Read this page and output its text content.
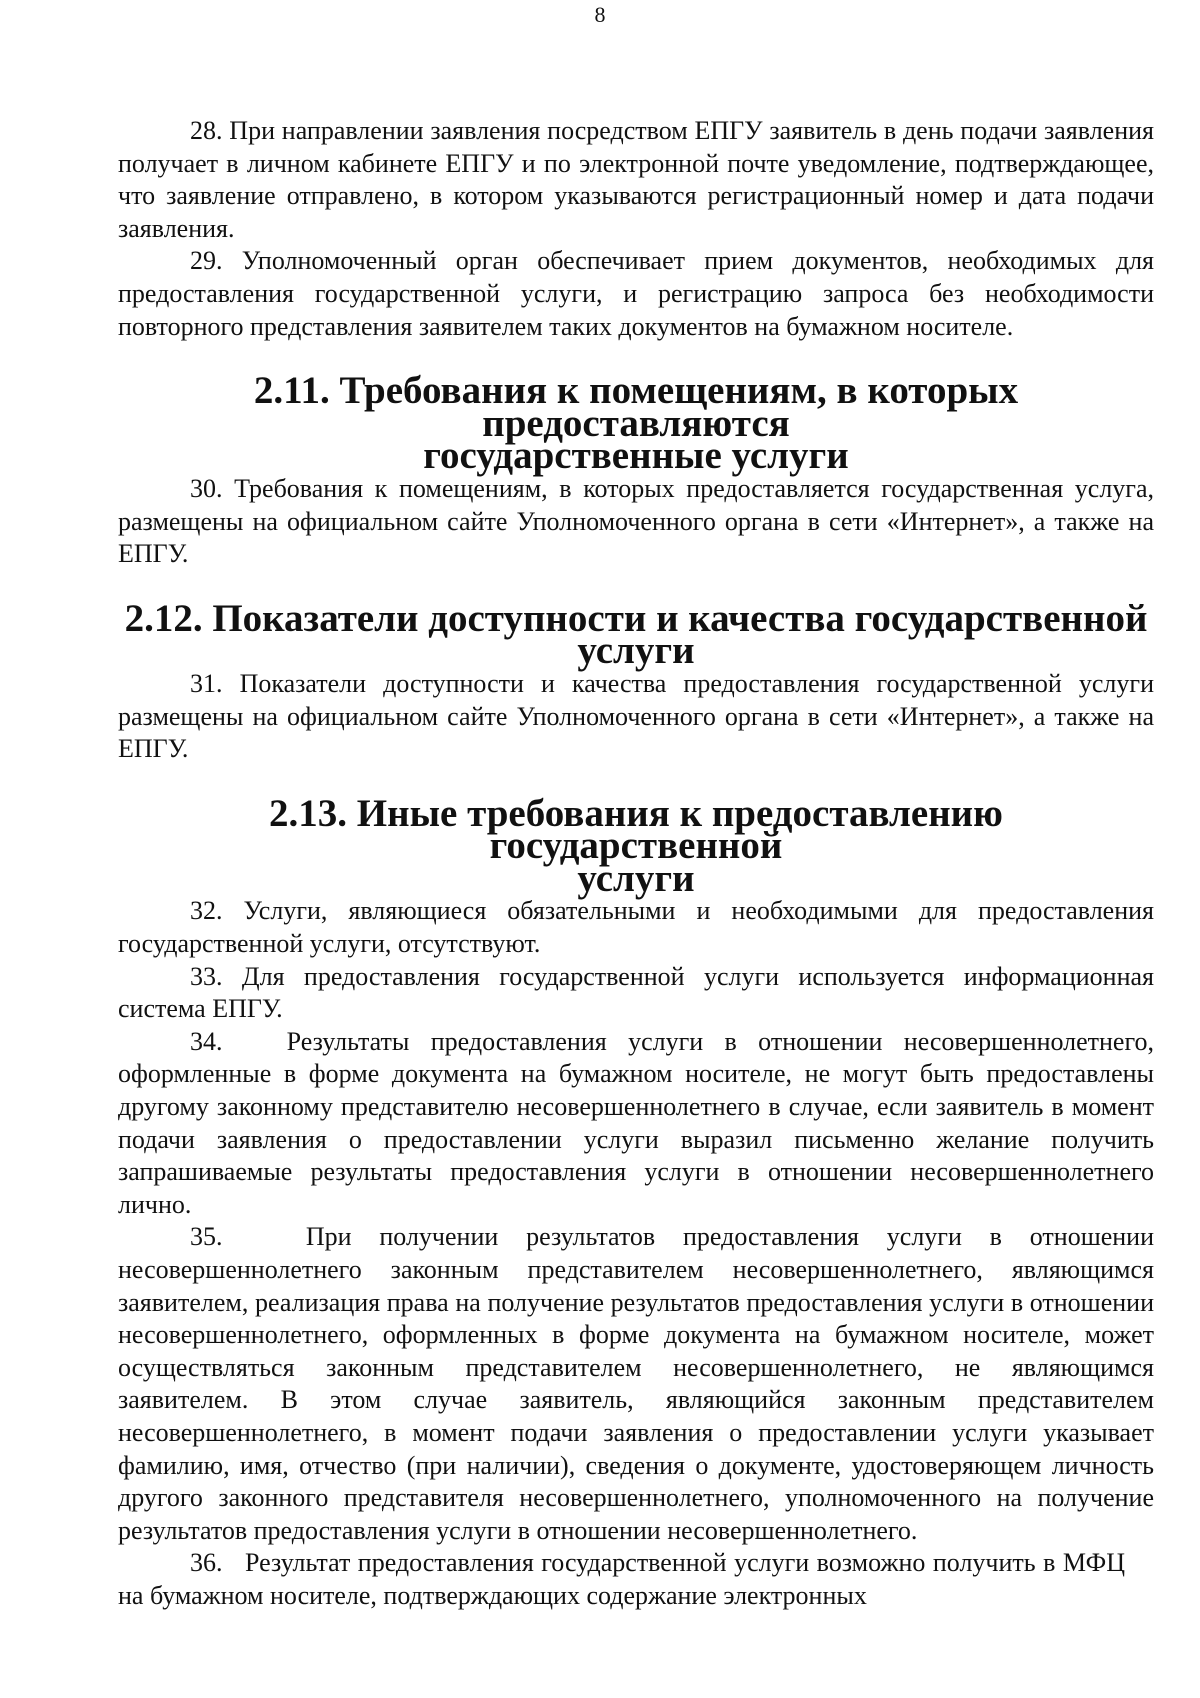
8

28. При направлении заявления посредством ЕПГУ заявитель в день подачи заявления получает в личном кабинете ЕПГУ и по электронной почте уведомление, подтверждающее, что заявление отправлено, в котором указываются регистрационный номер и дата подачи заявления.

29. Уполномоченный орган обеспечивает прием документов, необходимых для предоставления государственной услуги, и регистрацию запроса без необходимости повторного представления заявителем таких документов на бумажном носителе.

2.11. Требования к помещениям, в которых предоставляются
государственные услуги

30. Требования к помещениям, в которых предоставляется государственная услуга, размещены на официальном сайте Уполномоченного органа в сети «Интернет», а также на ЕПГУ.

2.12. Показатели доступности и качества государственной услуги

31. Показатели доступности и качества предоставления государственной услуги размещены на официальном сайте Уполномоченного органа в сети «Интернет», а также на ЕПГУ.

2.13. Иные требования к предоставлению государственной
услуги

32. Услуги, являющиеся обязательными и необходимыми для предоставления государственной услуги, отсутствуют.

33. Для предоставления государственной услуги используется информационная система ЕПГУ.

34.   Результаты предоставления услуги в отношении несовершеннолетнего, оформленные в форме документа на бумажном носителе, не могут быть предоставлены другому законному представителю несовершеннолетнего в случае, если заявитель в момент подачи заявления о предоставлении услуги выразил письменно желание получить запрашиваемые результаты предоставления услуги в отношении несовершеннолетнего лично.

35.   При получении результатов предоставления услуги в отношении несовершеннолетнего законным представителем несовершеннолетнего, являющимся заявителем, реализация права на получение результатов предоставления услуги в отношении несовершеннолетнего, оформленных в форме документа на бумажном носителе, может осуществляться законным представителем несовершеннолетнего, не являющимся заявителем. В этом случае заявитель, являющийся законным представителем несовершеннолетнего, в момент подачи заявления о предоставлении услуги указывает фамилию, имя, отчество (при наличии), сведения о документе, удостоверяющем личность другого законного представителя несовершеннолетнего, уполномоченного на получение результатов предоставления услуги в отношении несовершеннолетнего.

36.   Результат предоставления государственной услуги возможно получить в МФЦ     на бумажном носителе, подтверждающих содержание электронных
